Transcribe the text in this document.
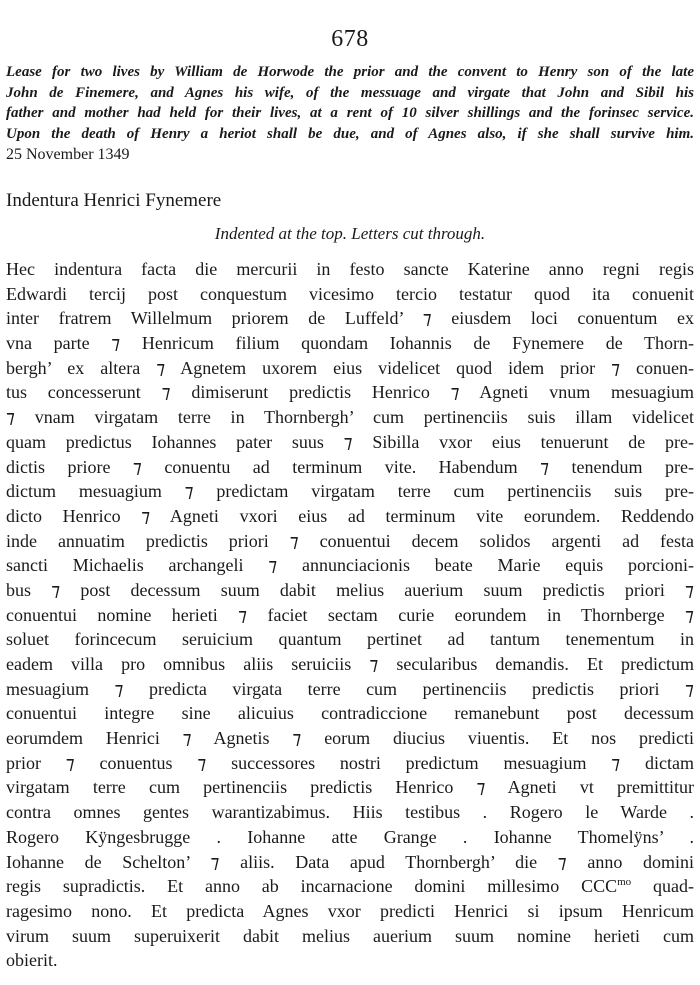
678
Lease for two lives by William de Horwode the prior and the convent to Henry son of the late
John de Finemere, and Agnes his wife, of the messuage and virgate that John and Sibil his
father and mother had held for their lives, at a rent of 10 silver shillings and the forinsec service.
Upon the death of Henry a heriot shall be due, and of Agnes also, if she shall survive him.
25 November 1349
Indentura Henrici Fynemere
Indented at the top. Letters cut through.
Hec indentura facta die mercurii in festo sancte Katerine anno regni regis
Edwardi tercij post conquestum vicesimo tercio testatur quod ita conuenit
inter fratrem Willelmum priorem de Luffeld’ ⁊ eiusdem loci conuentum ex
vna parte ⁊ Henricum filium quondam Iohannis de Fynemere de Thorn-
bergh’ ex altera ⁊ Agnetem uxorem eius videlicet quod idem prior ⁊ conuen-
tus concesserunt ⁊ dimiserunt predictis Henrico ⁊ Agneti vnum mesuagium
⁊ vnam virgatam terre in Thornbergh’ cum pertinenciis suis illam videlicet
quam predictus Iohannes pater suus ⁊ Sibilla vxor eius tenuerunt de pre-
dictis priore ⁊ conuentu ad terminum vite. Habendum ⁊ tenendum pre-
dictum mesuagium ⁊ predictam virgatam terre cum pertinenciis suis pre-
dicto Henrico ⁊ Agneti vxori eius ad terminum vite eorundem. Reddendo
inde annuatim predictis priori ⁊ conuentui decem solidos argenti ad festa
sancti Michaelis archangeli ⁊ annunciacionis beate Marie equis porcioni-
bus ⁊ post decessum suum dabit melius auerium suum predictis priori ⁊
conuentui nomine herieti ⁊ faciet sectam curie eorundem in Thornberge ⁊
soluet forincecum seruicium quantum pertinet ad tantum tenementum in
eadem villa pro omnibus aliis seruiciis ⁊ secularibus demandis. Et predictum
mesuagium ⁊ predicta virgata terre cum pertinenciis predictis priori ⁊
conuentui integre sine alicuius contradiccione remanebunt post decessum
eorumdem Henrici ⁊ Agnetis ⁊ eorum diucius viuentis. Et nos predicti
prior ⁊ conuentus ⁊ successores nostri predictum mesuagium ⁊ dictam
virgatam terre cum pertinenciis predictis Henrico ⁊ Agneti vt premittitur
contra omnes gentes warantizabimus. Hiis testibus . Rogero le Warde .
Rogero Kÿngesbrugge . Iohanne atte Grange . Iohanne Thomelÿns’ .
Iohanne de Schelton’ ⁊ aliis. Data apud Thornbergh’ die ⁊ anno domini
regis supradictis. Et anno ab incarnacione domini millesimo $CCC^{mo}$ quad-
ragesimo nono. Et predicta Agnes vxor predicti Henrici si ipsum Henricum
virum suum superuixerit dabit melius auerium suum nomine herieti cum
obierit.
